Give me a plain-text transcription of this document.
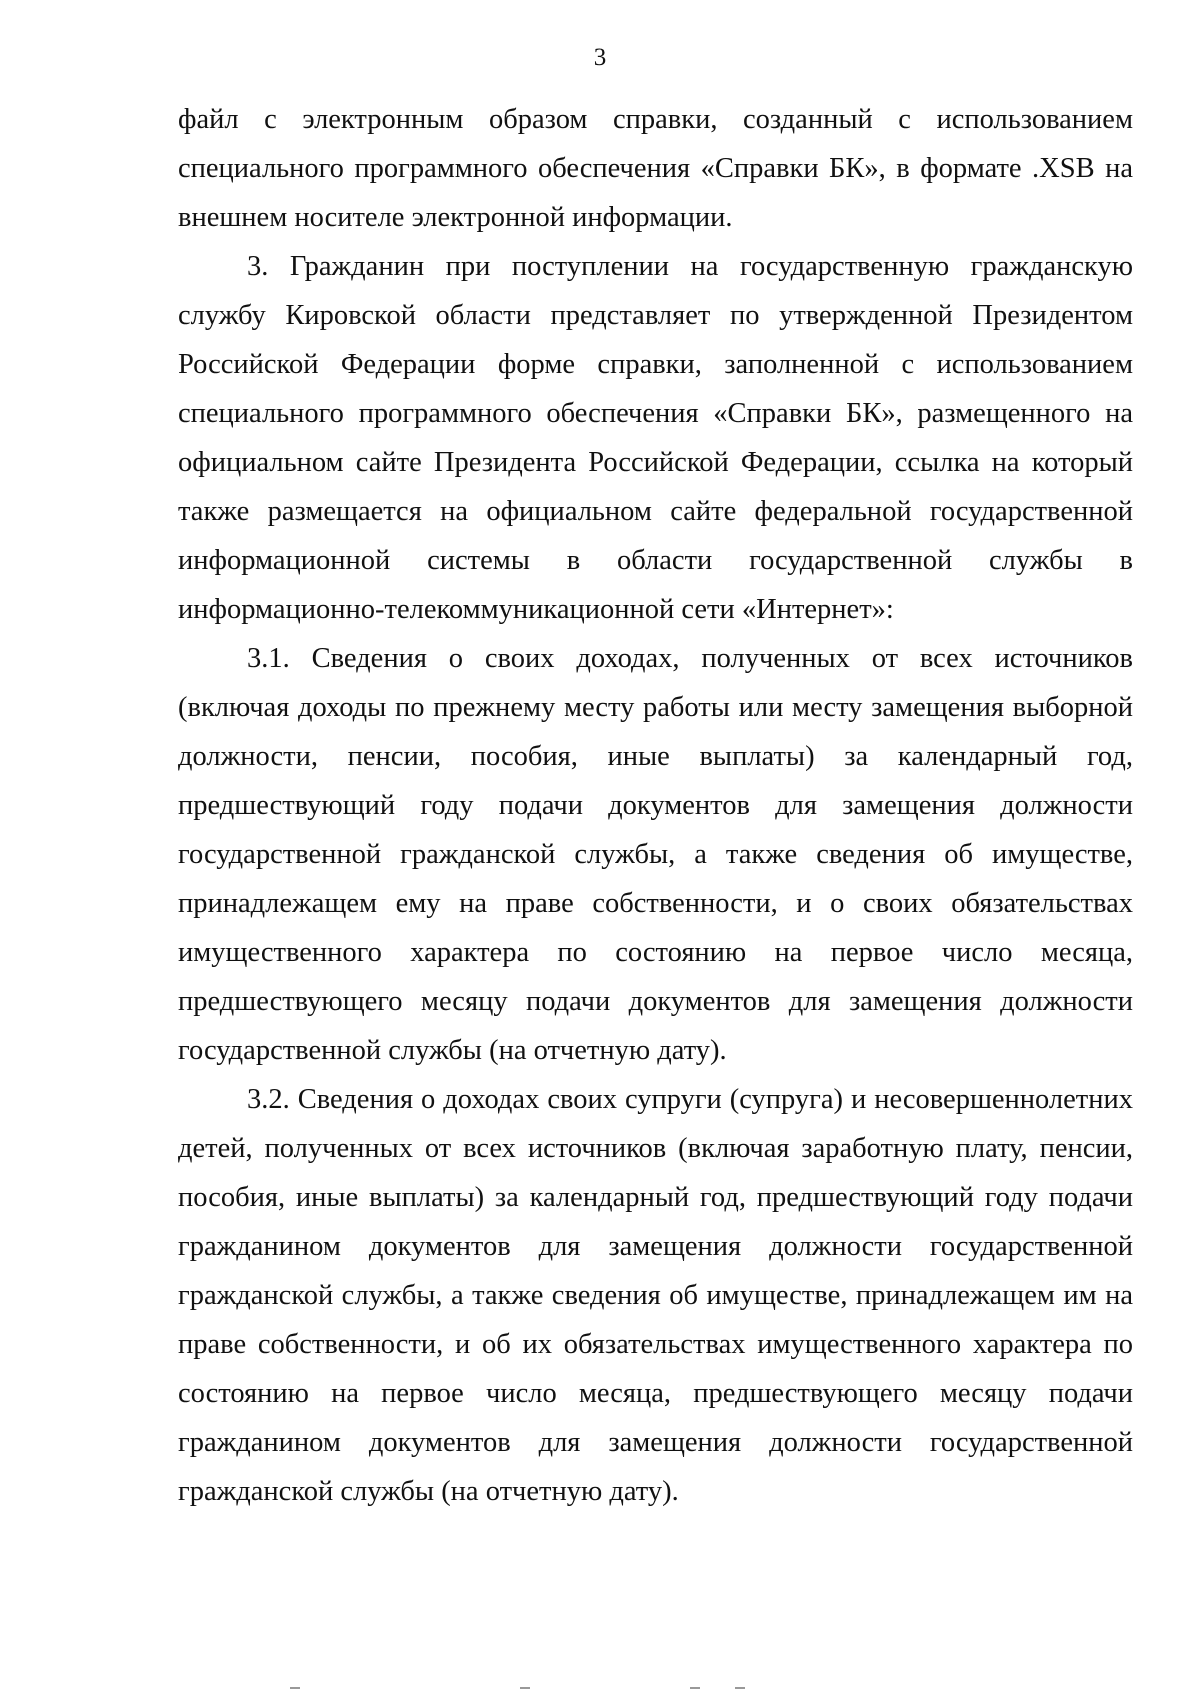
3

файл с электронным образом справки, созданный с использованием специального программного обеспечения «Справки БК», в формате .XSB на внешнем носителе электронной информации.

3. Гражданин при поступлении на государственную гражданскую службу Кировской области представляет по утвержденной Президентом Российской Федерации форме справки, заполненной с использованием специального программного обеспечения «Справки БК», размещенного на официальном сайте Президента Российской Федерации, ссылка на который также размещается на официальном сайте федеральной государственной информационной системы в области государственной службы в информационно-телекоммуникационной сети «Интернет»:

3.1. Сведения о своих доходах, полученных от всех источников (включая доходы по прежнему месту работы или месту замещения выборной должности, пенсии, пособия, иные выплаты) за календарный год, предшествующий году подачи документов для замещения должности государственной гражданской службы, а также сведения об имуществе, принадлежащем ему на праве собственности, и о своих обязательствах имущественного характера по состоянию на первое число месяца, предшествующего месяцу подачи документов для замещения должности государственной службы (на отчетную дату).

3.2. Сведения о доходах своих супруги (супруга) и несовершеннолетних детей, полученных от всех источников (включая заработную плату, пенсии, пособия, иные выплаты) за календарный год, предшествующий году подачи гражданином документов для замещения должности государственной гражданской службы, а также сведения об имуществе, принадлежащем им на праве собственности, и об их обязательствах имущественного характера по состоянию на первое число месяца, предшествующего месяцу подачи гражданином документов для замещения должности государственной гражданской службы (на отчетную дату).
